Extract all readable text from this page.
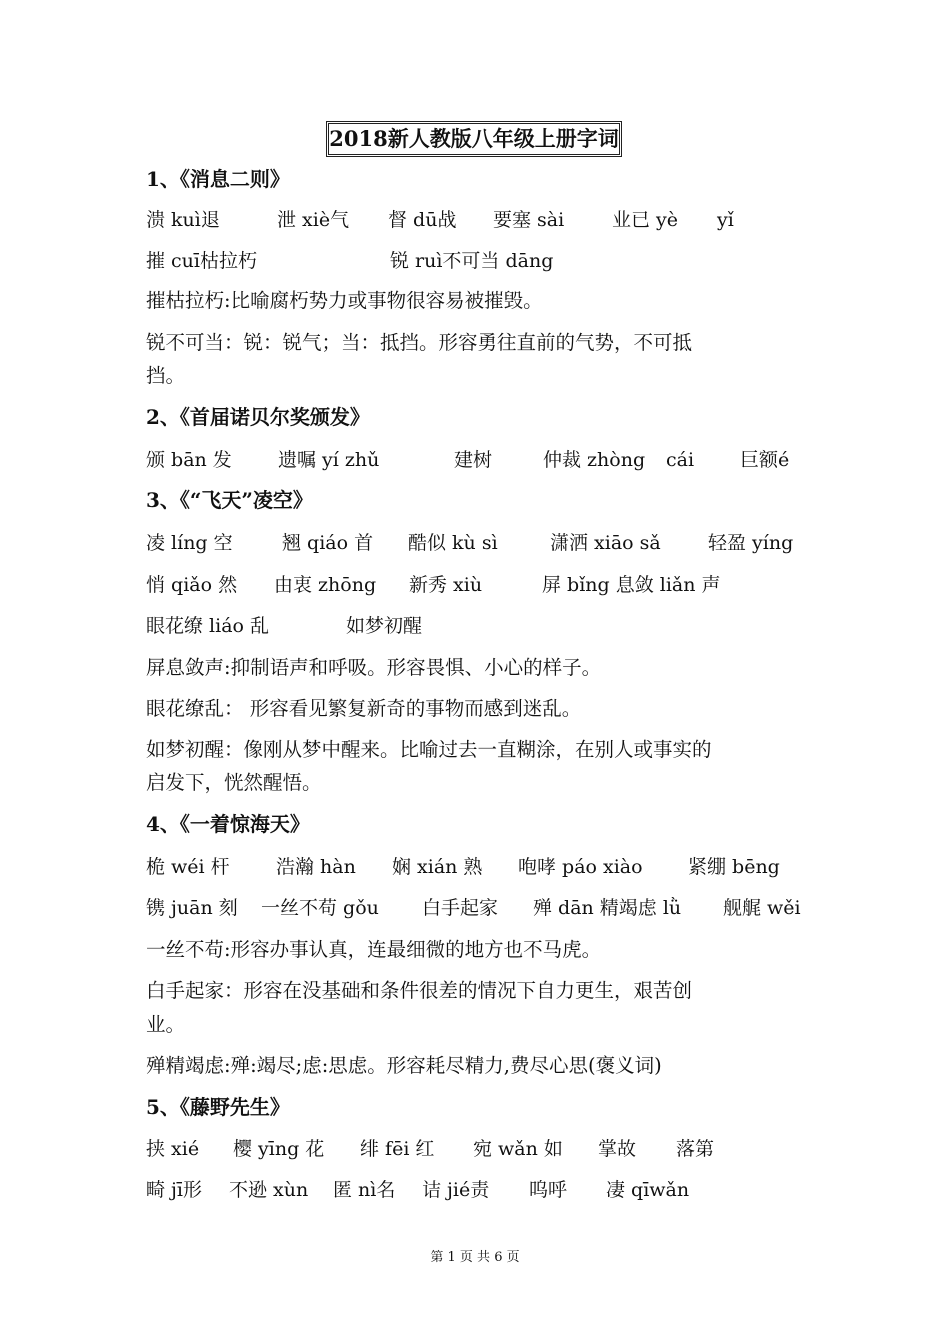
2018新人教版八年级上册字词
1、《消息二则》
溃 kuì退	泄 xiè气 督 dū战 要塞 sài	业已 yè yǐ
摧 cuī枯拉朽	锐 ruì不可当 dāng
摧枯拉朽:比喻腐朽势力或事物很容易被摧毁。
锐不可当：锐：锐气；当：抵挡。形容勇往直前的气势，不可抵
挡。
2、《首届诺贝尔奖颁发》
颁 bān 发 遗嘱 yí zhǔ	建树	仲裁 zhòng cái 巨额é
3、《“飞天”凌空》
凌 líng 空	翘 qiáo 首 酷似 kù sì	潇洒 xiāo sǎ 轻盈 yíng
悄 qiǎo 然 由衷 zhōng 新秀 xiù	屏 bǐng 息敛 liǎn 声
眼花缭 liáo 乱	如梦初醒
屏息敛声:抑制语声和呼吸。形容畏惧、小心的样子。
眼花缭乱： 形容看见繁复新奇的事物而感到迷乱。
如梦初醒：像刚从梦中醒来。比喻过去一直糊涂，在别人或事实的
启发下，恍然醒悟。
4、《一着惊海天》
桅 wéi 杆 浩瀚 hàn 娴 xián 熟 咆哮 páo xiào 紧绷 bēng
镌 juān 刻 一丝不苟 gǒu 白手起家 殚 dān 精竭虑 lǜ 舰艉 wěi
一丝不苟:形容办事认真，连最细微的地方也不马虎。
白手起家：形容在没基础和条件很差的情况下自力更生，艰苦创
业。
殚精竭虑:殚:竭尽;虑:思虑。形容耗尽精力,费尽心思(褒义词)
5、《藤野先生》
挟 xié 樱 yīng 花 绯 fēi 红 宛 wǎn 如 掌故 落第
畸 jī形 不逊 xùn 匿 nì名 诘 jié责 呜呼 凄 qīwǎn
第 1 页 共 6 页
